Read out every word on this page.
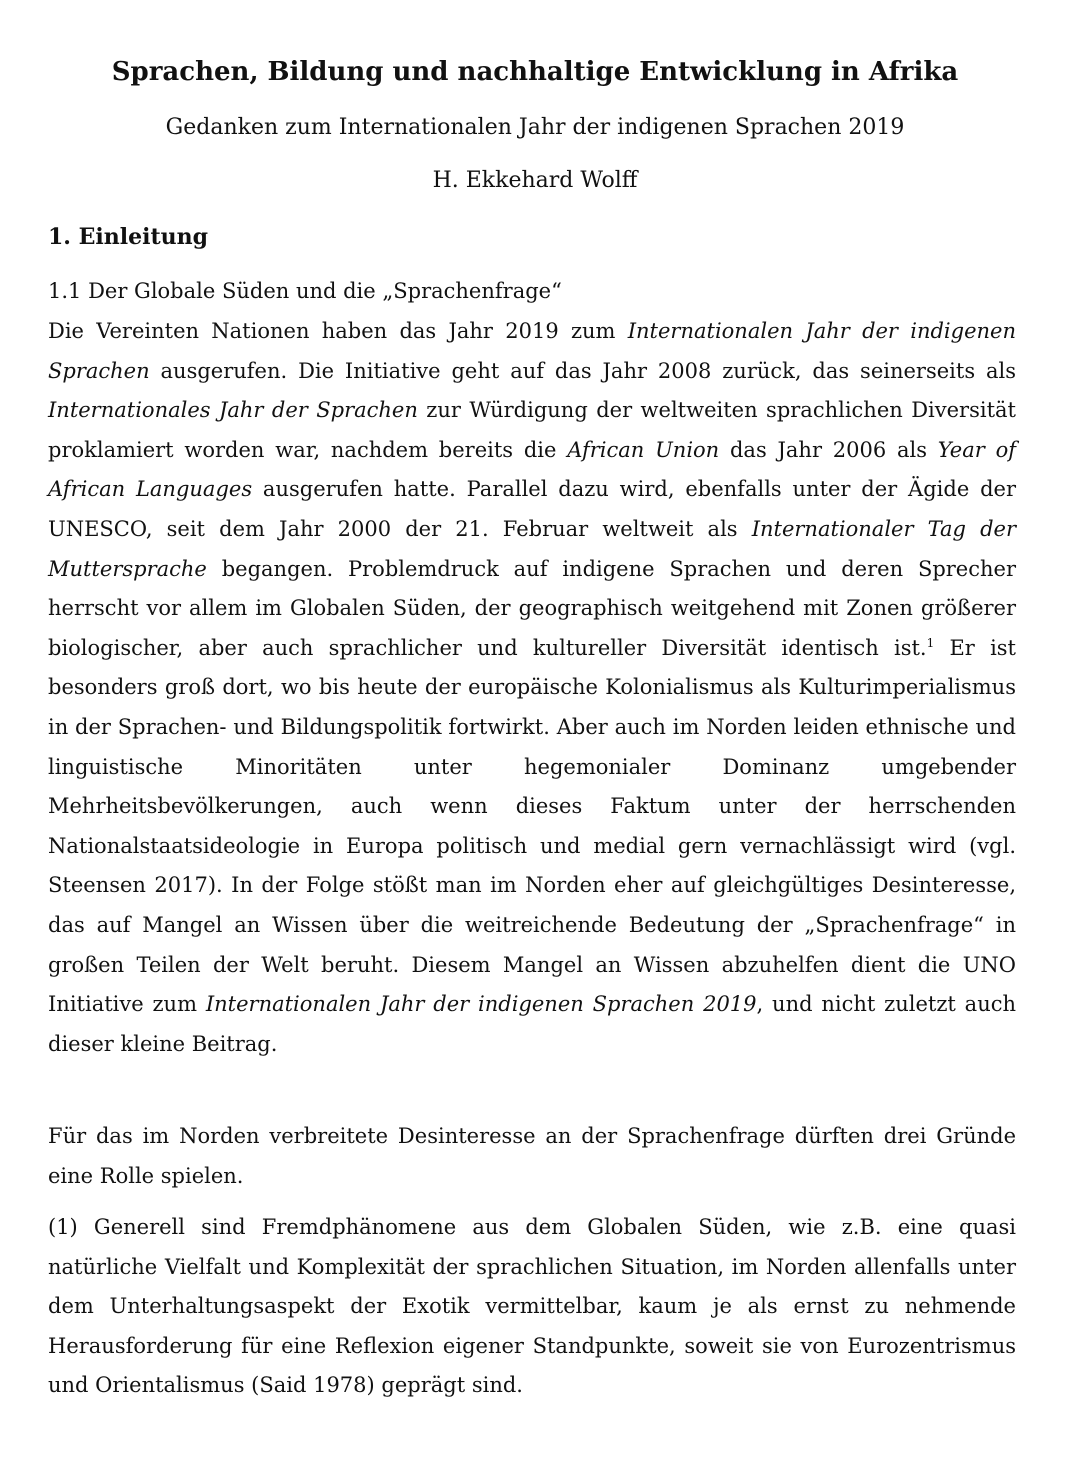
Sprachen, Bildung und nachhaltige Entwicklung in Afrika

Gedanken zum Internationalen Jahr der indigenen Sprachen 2019

H. Ekkehard Wolff

1. Einleitung

1.1 Der Globale Süden und die „Sprachenfrage“

Die Vereinten Nationen haben das Jahr 2019 zum Internationalen Jahr der indigenen Sprachen ausgerufen. Die Initiative geht auf das Jahr 2008 zurück, das seinerseits als Internationales Jahr der Sprachen zur Würdigung der weltweiten sprachlichen Diversität proklamiert worden war, nachdem bereits die African Union das Jahr 2006 als Year of African Languages ausgerufen hatte. Parallel dazu wird, ebenfalls unter der Ägide der UNESCO, seit dem Jahr 2000 der 21. Februar weltweit als Internationaler Tag der Muttersprache begangen. Problemdruck auf indigene Sprachen und deren Sprecher herrscht vor allem im Globalen Süden, der geographisch weitgehend mit Zonen größerer biologischer, aber auch sprachlicher und kultureller Diversität identisch ist.$^1$ Er ist besonders groß dort, wo bis heute der europäische Kolonialismus als Kulturimperialismus in der Sprachen- und Bildungspolitik fortwirkt. Aber auch im Norden leiden ethnische und linguistische Minoritäten unter hegemonialer Dominanz umgebender Mehrheitsbevölkerungen, auch wenn dieses Faktum unter der herrschenden Nationalstaatsideologie in Europa politisch und medial gern vernachlässigt wird (vgl. Steensen 2017). In der Folge stößt man im Norden eher auf gleichgültiges Desinteresse, das auf Mangel an Wissen über die weitreichende Bedeutung der „Sprachenfrage“ in großen Teilen der Welt beruht. Diesem Mangel an Wissen abzuhelfen dient die UNO Initiative zum Internationalen Jahr der indigenen Sprachen 2019, und nicht zuletzt auch dieser kleine Beitrag.

Für das im Norden verbreitete Desinteresse an der Sprachenfrage dürften drei Gründe eine Rolle spielen.

(1) Generell sind Fremdphänomene aus dem Globalen Süden, wie z.B. eine quasi natürliche Vielfalt und Komplexität der sprachlichen Situation, im Norden allenfalls unter dem Unterhaltungsaspekt der Exotik vermittelbar, kaum je als ernst zu nehmende Herausforderung für eine Reflexion eigener Standpunkte, soweit sie von Eurozentrismus und Orientalismus (Said 1978) geprägt sind.
